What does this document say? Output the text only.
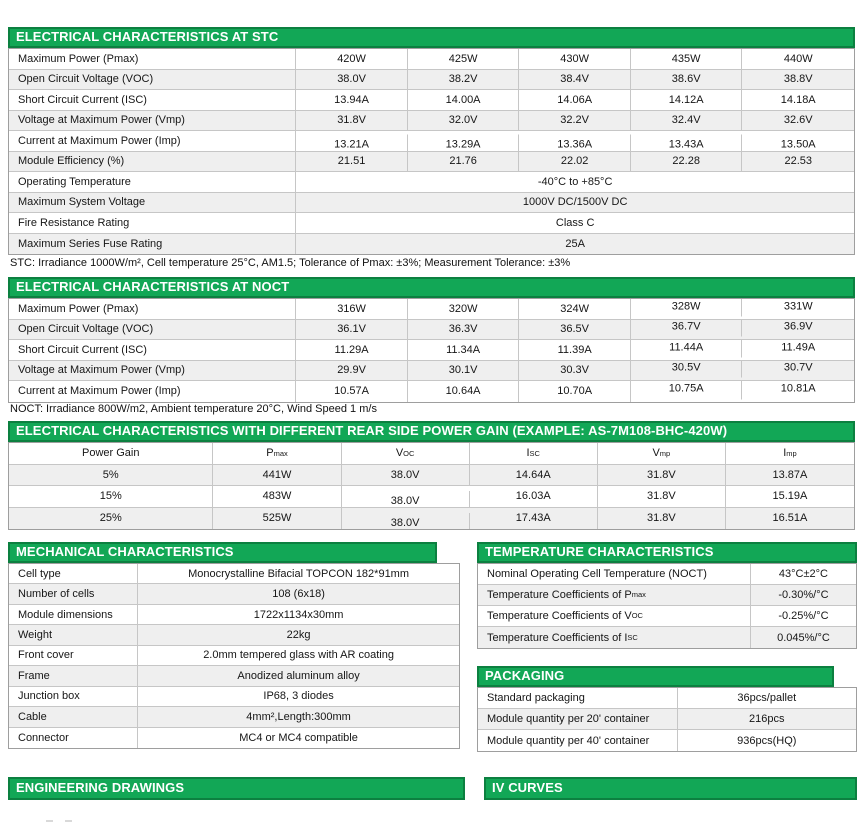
ELECTRICAL CHARACTERISTICS AT STC
Maximum Power (Pmax)	420W	425W	430W	435W	440W
Open Circuit Voltage (VOC)	38.0V	38.2V	38.4V	38.6V	38.8V
Short Circuit Current (ISC)	13.94A	14.00A	14.06A	14.12A	14.18A
Voltage at Maximum Power (Vmp)	31.8V	32.0V	32.2V	32.4V	32.6V
Current at Maximum Power (Imp)	13.21A	13.29A	13.36A	13.43A	13.50A
Module Efficiency (%)	21.51	21.76	22.02	22.28	22.53
Operating Temperature	-40°C to +85°C
Maximum System Voltage	1000V DC/1500V DC
Fire Resistance Rating	Class C
Maximum Series Fuse Rating	25A
STC: Irradiance 1000W/m², Cell temperature 25°C, AM1.5; Tolerance of Pmax: ±3%; Measurement Tolerance: ±3%
ELECTRICAL CHARACTERISTICS AT NOCT
Maximum Power (Pmax)	316W	320W	324W	328W	331W
Open Circuit Voltage (VOC)	36.1V	36.3V	36.5V	36.7V	36.9V
Short Circuit Current (ISC)	11.29A	11.34A	11.39A	11.44A	11.49A
Voltage at Maximum Power (Vmp)	29.9V	30.1V	30.3V	30.5V	30.7V
Current at Maximum Power (Imp)	10.57A	10.64A	10.70A	10.75A	10.81A
NOCT: Irradiance 800W/m2, Ambient temperature 20°C, Wind Speed 1 m/s
ELECTRICAL CHARACTERISTICS WITH DIFFERENT REAR SIDE POWER GAIN (EXAMPLE: AS-7M108-BHC-420W)
Power Gain	P max	V OC	I SC	V mp	I mp
5%	441W	38.0V	14.64A	31.8V	13.87A
15%	483W	38.0V	16.03A	31.8V	15.19A
25%	525W	38.0V	17.43A	31.8V	16.51A
MECHANICAL CHARACTERISTICS
Cell type	Monocrystalline Bifacial TOPCON 182*91mm
Number of cells	108 (6x18)
Module dimensions	1722x1134x30mm
Weight	22kg
Front cover	2.0mm tempered glass with AR coating
Frame	Anodized aluminum alloy
Junction box	IP68, 3 diodes
Cable	4mm²,Length:300mm
Connector	MC4 or MC4 compatible
TEMPERATURE CHARACTERISTICS
Nominal Operating Cell Temperature (NOCT)	43°C±2°C
Temperature Coefficients of P max	-0.30%/°C
Temperature Coefficients of V OC	-0.25%/°C
Temperature Coefficients of I SC	0.045%/°C
PACKAGING
Standard packaging	36pcs/pallet
Module quantity per 20' container	216pcs
Module quantity per 40' container	936pcs(HQ)
ENGINEERING DRAWINGS	IV CURVES
